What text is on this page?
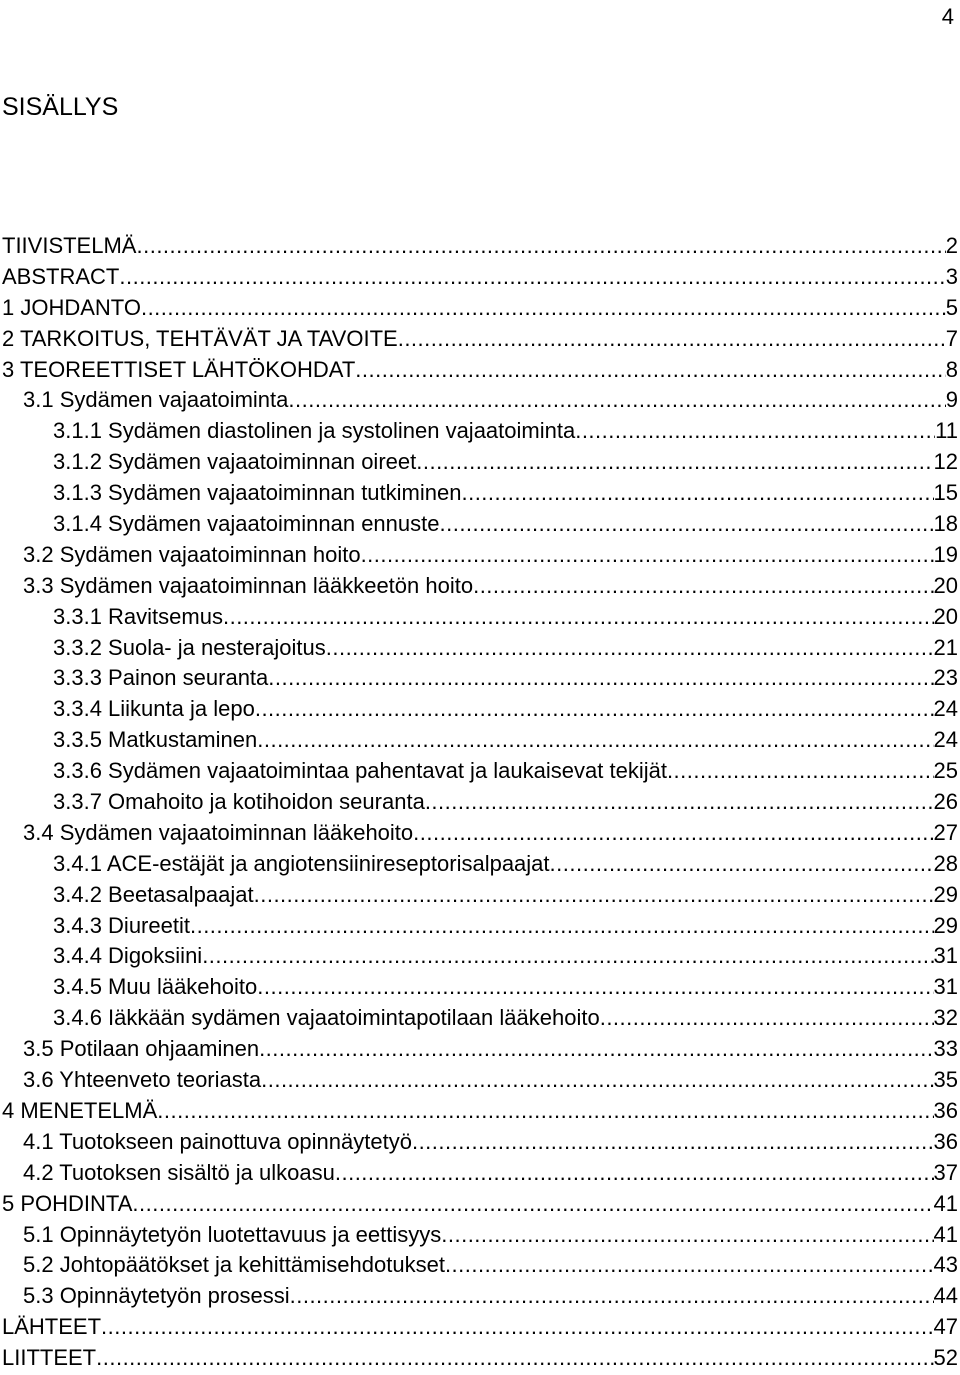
4
SISÄLLYS
TIIVISTELMÄ .....	2
ABSTRACT .....	3
1 JOHDANTO .....	5
2 TARKOITUS, TEHTÄVÄT JA TAVOITE .....	7
3 TEOREETTISET LÄHTÖKOHDAT .....	8
3.1 Sydämen vajaatoiminta .....	9
3.1.1 Sydämen diastolinen ja systolinen vajaatoiminta .....	11
3.1.2 Sydämen vajaatoiminnan oireet .....	12
3.1.3 Sydämen vajaatoiminnan tutkiminen .....	15
3.1.4 Sydämen vajaatoiminnan ennuste .....	18
3.2 Sydämen vajaatoiminnan hoito .....	19
3.3 Sydämen vajaatoiminnan lääkkeetön hoito .....	20
3.3.1 Ravitsemus .....	20
3.3.2 Suola- ja nesterajoitus .....	21
3.3.3 Painon seuranta .....	23
3.3.4 Liikunta ja lepo .....	24
3.3.5 Matkustaminen .....	24
3.3.6 Sydämen vajaatoimintaa pahentavat ja laukaisevat tekijät .....	25
3.3.7 Omahoito ja kotihoidon seuranta .....	26
3.4 Sydämen vajaatoiminnan lääkehoito .....	27
3.4.1 ACE-estäjät ja angiotensiinireseptorisalpaajat .....	28
3.4.2 Beetasalpaajat .....	29
3.4.3 Diureetit .....	29
3.4.4 Digoksiini .....	31
3.4.5 Muu lääkehoito .....	31
3.4.6 Iäkkään sydämen vajaatoimintapotilaan lääkehoito .....	32
3.5 Potilaan ohjaaminen .....	33
3.6 Yhteenveto teoriasta .....	35
4 MENETELMÄ .....	36
4.1 Tuotokseen painottuva opinnäytetyö .....	36
4.2 Tuotoksen sisältö ja ulkoasu .....	37
5 POHDINTA .....	41
5.1 Opinnäytetyön luotettavuus ja eettisyys .....	41
5.2 Johtopäätökset ja kehittämisehdotukset .....	43
5.3 Opinnäytetyön prosessi .....	44
LÄHTEET .....	47
LIITTEET .....	52
